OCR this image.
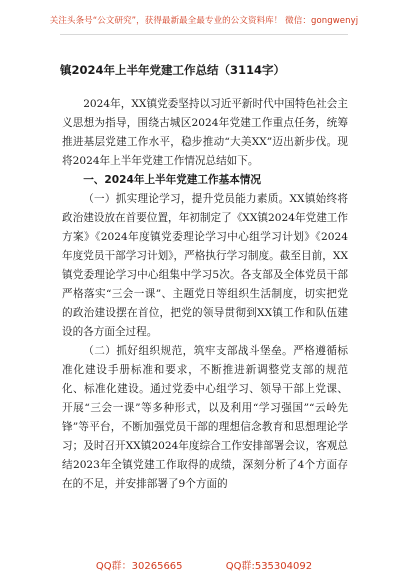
关注头条号“公文研究”，获得最新最全最专业的公文资料库！ 微信：gongwenyj
镇2024年上半年党建工作总结（3114字）

2024年，XX镇党委坚持以习近平新时代中国特色社会主义思想为指导，围绕古城区2024年党建工作重点任务，统筹推进基层党建工作水平，稳步推动“大美XX”迈出新步伐。现将2024年上半年党建工作情况总结如下。

一、2024年上半年党建工作基本情况

（一）抓实理论学习，提升党员能力素质。XX镇始终将政治建设放在首要位置，年初制定了《XX镇2024年党建工作方案》《2024年度镇党委理论学习中心组学习计划》《2024年度党员干部学习计划》，严格执行学习制度。截至目前，XX镇党委理论学习中心组集中学习5次。各支部及全体党员干部严格落实“三会一课”、主题党日等组织生活制度，切实把党的政治建设摆在首位，把党的领导贯彻到XX镇工作和队伍建设的各方面全过程。

（二）抓好组织规范，筑牢支部战斗堡垒。严格遵循标准化建设手册标准和要求，不断推进新调整党支部的规范化、标准化建设。通过党委中心组学习、领导干部上党课、开展“三会一课”等多种形式，以及利用“学习强国”“云岭先锋”等平台，不断加强党员干部的理想信念教育和思想理论学习；及时召开XX镇2024年度综合工作安排部署会议，客观总结2023年全镇党建工作取得的成绩，深刻分析了4个方面存在的不足，并安排部署了9个方面的

QQ群：30265665	QQ群:535304092
